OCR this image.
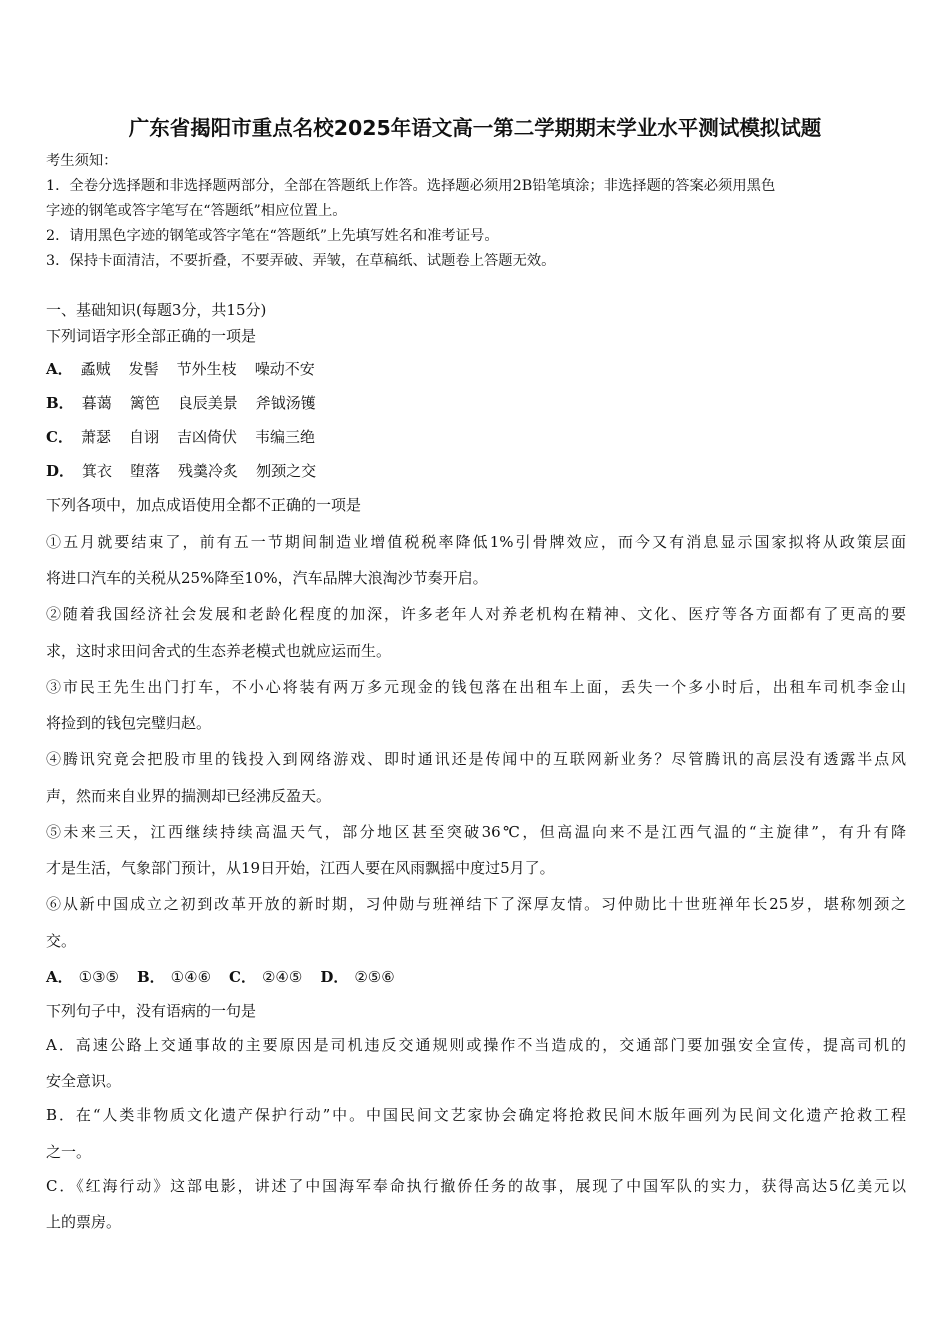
广东省揭阳市重点名校2025年语文高一第二学期期末学业水平测试模拟试题
考生须知：
1．全卷分选择题和非选择题两部分，全部在答题纸上作答。选择题必须用2B铅笔填涂；非选择题的答案必须用黑色
字迹的钢笔或答字笔写在“答题纸”相应位置上。
2．请用黑色字迹的钢笔或答字笔在“答题纸”上先填写姓名和准考证号。
3．保持卡面清洁，不要折叠，不要弄破、弄皱，在草稿纸、试题卷上答题无效。
一、基础知识(每题3分，共15分)
下列词语字形全部正确的一项是
A． 蟊贼 发髻 节外生枝 噪动不安
B． 暮蔼 篱笆 良辰美景 斧钺汤镬
C． 萧瑟 自诩 吉凶倚伏 韦编三绝
D． 箕衣 堕落 残羹冷炙 刎颈之交
下列各项中，加点成语使用全都不正确的一项是
①五月就要结束了，前有五一节期间制造业增值税税率降低1%引骨牌效应，而今又有消息显示国家拟将从政策层面
将进口汽车的关税从25%降至10%，汽车品牌大浪淘沙节奏开启。
②随着我国经济社会发展和老龄化程度的加深，许多老年人对养老机构在精神、文化、医疗等各方面都有了更高的要
求，这时求田问舍式的生态养老模式也就应运而生。
③市民王先生出门打车，不小心将装有两万多元现金的钱包落在出租车上面，丢失一个多小时后，出租车司机李金山
将捡到的钱包完璧归赵。
④腾讯究竟会把股市里的钱投入到网络游戏、即时通讯还是传闻中的互联网新业务？尽管腾讯的高层没有透露半点风
声，然而来自业界的揣测却已经沸反盈天。
⑤未来三天，江西继续持续高温天气，部分地区甚至突破36℃，但高温向来不是江西气温的“主旋律”，有升有降
才是生活，气象部门预计，从19日开始，江西人要在风雨飘摇中度过5月了。
⑥从新中国成立之初到改革开放的新时期，习仲勋与班禅结下了深厚友情。习仲勋比十世班禅年长25岁，堪称刎颈之
交。
A． ①③⑤ B． ①④⑥ C． ②④⑤ D． ②⑤⑥
下列句子中，没有语病的一句是
A．高速公路上交通事故的主要原因是司机违反交通规则或操作不当造成的，交通部门要加强安全宣传，提高司机的
安全意识。
B．在“人类非物质文化遗产保护行动”中。中国民间文艺家协会确定将抢救民间木版年画列为民间文化遗产抢救工程
之一。
C．《红海行动》这部电影，讲述了中国海军奉命执行撤侨任务的故事，展现了中国军队的实力，获得高达5亿美元以
上的票房。
